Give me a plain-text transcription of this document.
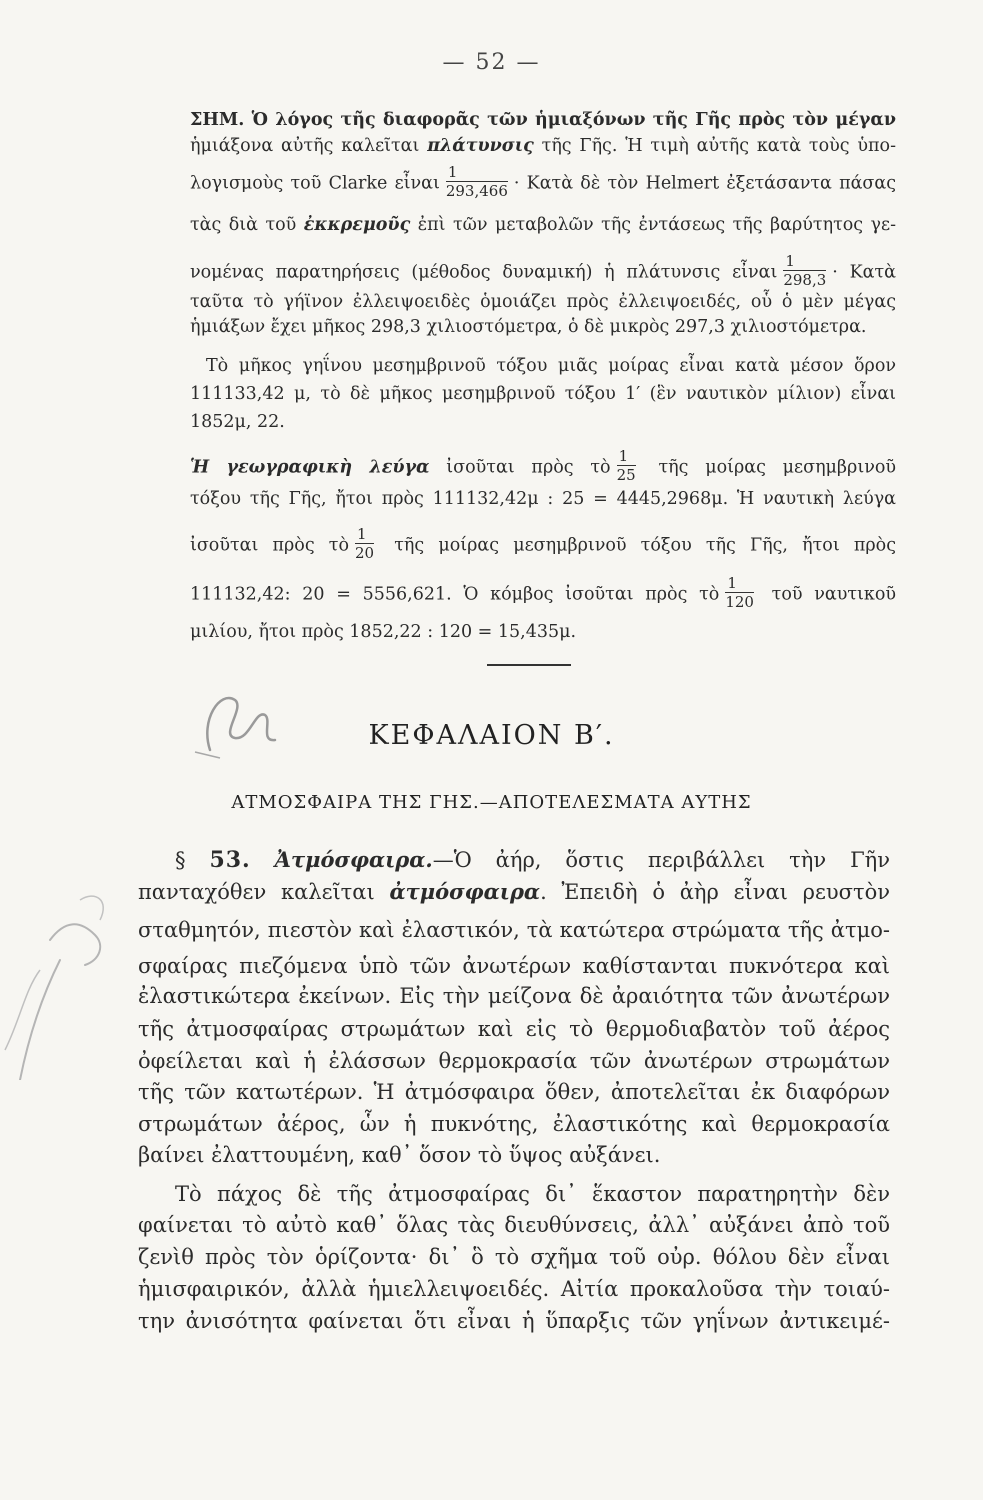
— 52 —
ΣΗΜ. Ὁ λόγος τῆς διαφορᾶς τῶν ἡμιαξόνων τῆς Γῆς πρὸς τὸν μέγαν
ἡμιάξονα αὐτῆς καλεῖται πλάτυνσις τῆς Γῆς. Ἡ τιμὴ αὐτῆς κατὰ τοὺς ὑπο-
λογισμοὺς τοῦ Clarke εἶναι $\frac{1}{293,466}$ · Κατὰ δὲ τὸν Helmert ἐξετάσαντα πάσας
τὰς διὰ τοῦ ἐκκρεμοῦς ἐπὶ τῶν μεταβολῶν τῆς ἐντάσεως τῆς βαρύτητος γε-
νομένας παρατηρήσεις (μέθοδος δυναμική) ἡ πλάτυνσις εἶναι $\frac{1}{298,3}$ · Κατὰ
ταῦτα τὸ γήϊνον ἐλλειψοειδὲς ὁμοιάζει πρὸς ἐλλειψοειδές, οὗ ὁ μὲν μέγας
ἡμιάξων ἔχει μῆκος 298,3 χιλιοστόμετρα, ὁ δὲ μικρὸς 297,3 χιλιοστόμετρα.
Τὸ μῆκος γηΐνου μεσημβρινοῦ τόξου μιᾶς μοίρας εἶναι κατὰ μέσον ὅρον
111133,42 μ, τὸ δὲ μῆκος μεσημβρινοῦ τόξου 1′ (ἓν ναυτικὸν μίλιον) εἶναι
1852μ, 22.
Ἡ γεωγραφικὴ λεύγα ἰσοῦται πρὸς τὸ $\frac{1}{25}$ τῆς μοίρας μεσημβρινοῦ
τόξου τῆς Γῆς, ἤτοι πρὸς 111132,42μ : 25 = 4445,2968μ. Ἡ ναυτικὴ λεύγα
ἰσοῦται πρὸς τὸ $\frac{1}{20}$ τῆς μοίρας μεσημβρινοῦ τόξου τῆς Γῆς, ἤτοι πρὸς
111132,42: 20 = 5556,621. Ὁ κόμβος ἰσοῦται πρὸς τὸ $\frac{1}{120}$ τοῦ ναυτικοῦ
μιλίου, ἤτοι πρὸς 1852,22 : 120 = 15,435μ.
ΚΕΦΑΛΑΙΟΝ Β′.
ΑΤΜΟΣΦΑΙΡΑ ΤΗΣ ΓΗΣ.—ΑΠΟΤΕΛΕΣΜΑΤΑ ΑΥΤΗΣ
§ 53. Ἀτμόσφαιρα.—Ὁ ἀήρ, ὅστις περιβάλλει τὴν Γῆν
πανταχόθεν καλεῖται ἀτμόσφαιρα. Ἐπειδὴ ὁ ἀὴρ εἶναι ρευστὸν
σταθμητόν, πιεστὸν καὶ ἐλαστικόν, τὰ κατώτερα στρώματα τῆς ἀτμο-
σφαίρας πιεζόμενα ὑπὸ τῶν ἀνωτέρων καθίστανται πυκνότερα καὶ
ἐλαστικώτερα ἐκείνων. Εἰς τὴν μείζονα δὲ ἀραιότητα τῶν ἀνωτέρων
τῆς ἀτμοσφαίρας στρωμάτων καὶ εἰς τὸ θερμοδιαβατὸν τοῦ ἀέρος
ὀφείλεται καὶ ἡ ἐλάσσων θερμοκρασία τῶν ἀνωτέρων στρωμάτων
τῆς τῶν κατωτέρων. Ἡ ἀτμόσφαιρα ὅθεν, ἀποτελεῖται ἐκ διαφόρων
στρωμάτων ἀέρος, ὧν ἡ πυκνότης, ἐλαστικότης καὶ θερμοκρασία
βαίνει ἐλαττουμένη, καθ᾽ ὅσον τὸ ὕψος αὐξάνει.
Τὸ πάχος δὲ τῆς ἀτμοσφαίρας δι᾽ ἕκαστον παρατηρητὴν δὲν
φαίνεται τὸ αὐτὸ καθ᾽ ὅλας τὰς διευθύνσεις, ἀλλ᾽ αὐξάνει ἀπὸ τοῦ
ζενὶθ πρὸς τὸν ὁρίζοντα· δι᾽ ὃ τὸ σχῆμα τοῦ οὐρ. θόλου δὲν εἶναι
ἡμισφαιρικόν, ἀλλὰ ἡμιελλειψοειδές. Αἰτία προκαλοῦσα τὴν τοιαύ-
την ἀνισότητα φαίνεται ὅτι εἶναι ἡ ὕπαρξις τῶν γηΐνων ἀντικειμέ-
